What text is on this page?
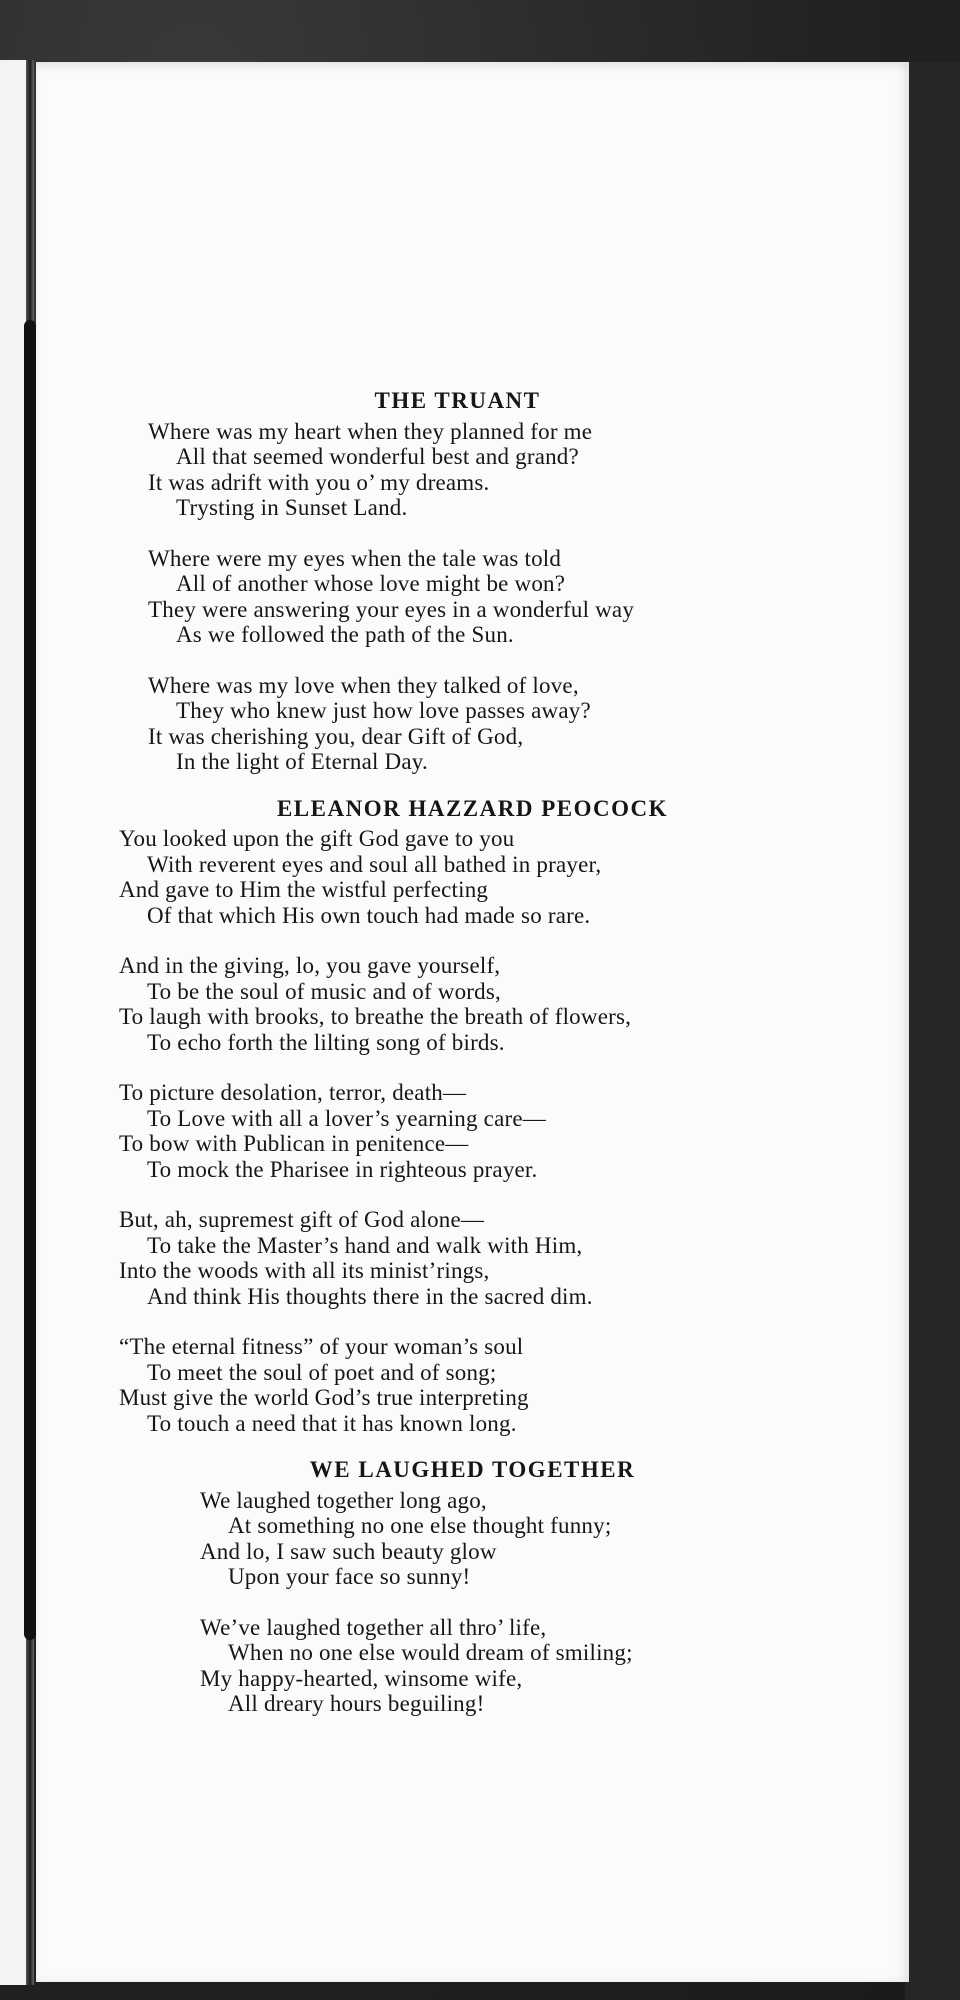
THE TRUANT
Where was my heart when they planned for me
All that seemed wonderful best and grand?
It was adrift with you o’ my dreams.
Trysting in Sunset Land.
Where were my eyes when the tale was told
All of another whose love might be won?
They were answering your eyes in a wonderful way
As we followed the path of the Sun.
Where was my love when they talked of love,
They who knew just how love passes away?
It was cherishing you, dear Gift of God,
In the light of Eternal Day.
ELEANOR HAZZARD PEOCOCK
You looked upon the gift God gave to you
With reverent eyes and soul all bathed in prayer,
And gave to Him the wistful perfecting
Of that which His own touch had made so rare.
And in the giving, lo, you gave yourself,
To be the soul of music and of words,
To laugh with brooks, to breathe the breath of flowers,
To echo forth the lilting song of birds.
To picture desolation, terror, death—
To Love with all a lover’s yearning care—
To bow with Publican in penitence—
To mock the Pharisee in righteous prayer.
But, ah, supremest gift of God alone—
To take the Master’s hand and walk with Him,
Into the woods with all its minist’rings,
And think His thoughts there in the sacred dim.
“The eternal fitness” of your woman’s soul
To meet the soul of poet and of song;
Must give the world God’s true interpreting
To touch a need that it has known long.
WE LAUGHED TOGETHER
We laughed together long ago,
At something no one else thought funny;
And lo, I saw such beauty glow
Upon your face so sunny!
We’ve laughed together all thro’ life,
When no one else would dream of smiling;
My happy-hearted, winsome wife,
All dreary hours beguiling!
